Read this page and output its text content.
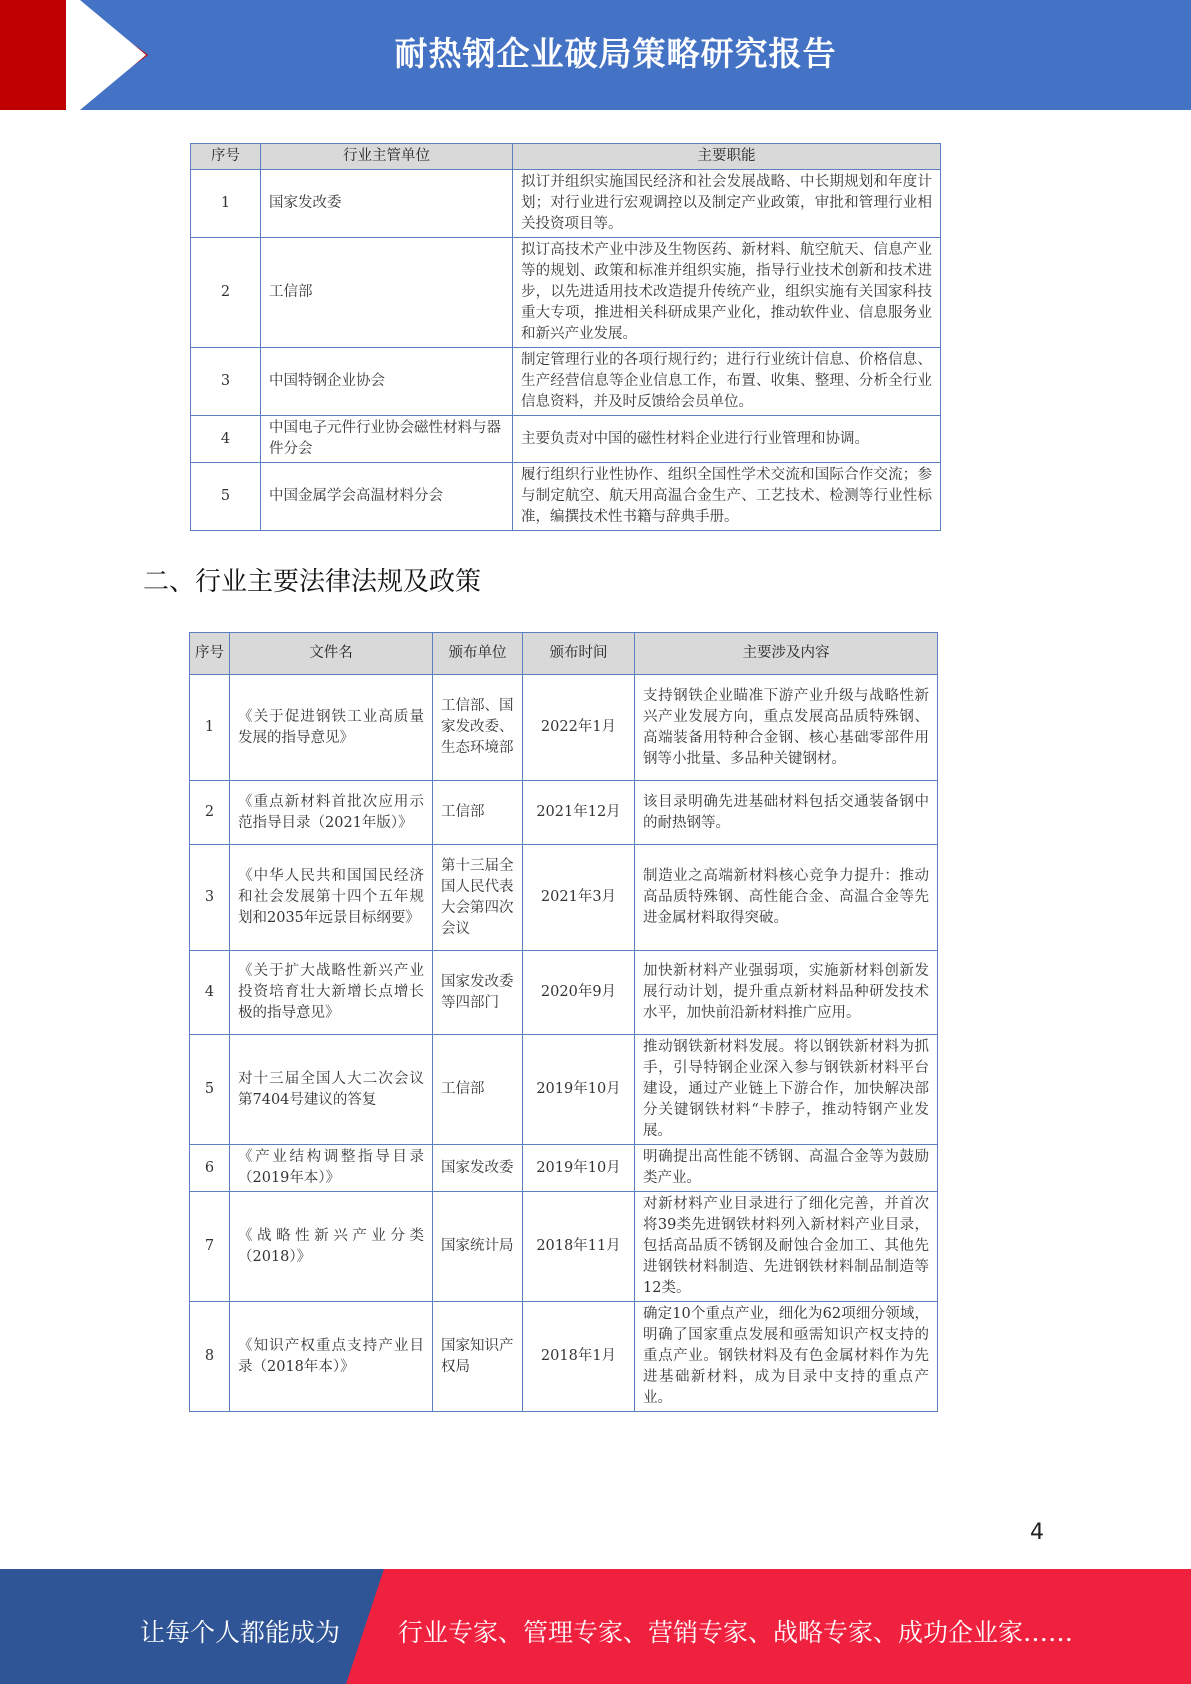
耐热钢企业破局策略研究报告
序号	行业主管单位	主要职能
1	国家发改委	拟订并组织实施国民经济和社会发展战略、中长期规划和年度计划；对行业进行宏观调控以及制定产业政策，审批和管理行业相关投资项目等。
2	工信部	拟订高技术产业中涉及生物医药、新材料、航空航天、信息产业等的规划、政策和标准并组织实施，指导行业技术创新和技术进步，以先进适用技术改造提升传统产业，组织实施有关国家科技重大专项，推进相关科研成果产业化，推动软件业、信息服务业和新兴产业发展。
3	中国特钢企业协会	制定管理行业的各项行规行约；进行行业统计信息、价格信息、生产经营信息等企业信息工作，布置、收集、整理、分析全行业信息资料，并及时反馈给会员单位。
4	中国电子元件行业协会磁性材料与器件分会	主要负责对中国的磁性材料企业进行行业管理和协调。
5	中国金属学会高温材料分会	履行组织行业性协作、组织全国性学术交流和国际合作交流；参与制定航空、航天用高温合金生产、工艺技术、检测等行业性标准，编撰技术性书籍与辞典手册。
二、行业主要法律法规及政策
序号	文件名	颁布单位	颁布时间	主要涉及内容
1	《关于促进钢铁工业高质量发展的指导意见》	工信部、国家发改委、生态环境部	2022年1月	支持钢铁企业瞄准下游产业升级与战略性新兴产业发展方向，重点发展高品质特殊钢、高端装备用特种合金钢、核心基础零部件用钢等小批量、多品种关键钢材。
2	《重点新材料首批次应用示范指导目录（2021年版）》	工信部	2021年12月	该目录明确先进基础材料包括交通装备钢中的耐热钢等。
3	《中华人民共和国国民经济和社会发展第十四个五年规划和2035年远景目标纲要》	第十三届全国人民代表大会第四次会议	2021年3月	制造业之高端新材料核心竞争力提升：推动高品质特殊钢、高性能合金、高温合金等先进金属材料取得突破。
4	《关于扩大战略性新兴产业投资培育壮大新增长点增长极的指导意见》	国家发改委等四部门	2020年9月	加快新材料产业强弱项，实施新材料创新发展行动计划，提升重点新材料品种研发技术水平，加快前沿新材料推广应用。
5	对十三届全国人大二次会议第7404号建议的答复	工信部	2019年10月	推动钢铁新材料发展。将以钢铁新材料为抓手，引导特钢企业深入参与钢铁新材料平台建设，通过产业链上下游合作，加快解决部分关键钢铁材料“卡脖子，推动特钢产业发展。
6	《产业结构调整指导目录（2019年本）》	国家发改委	2019年10月	明确提出高性能不锈钢、高温合金等为鼓励类产业。
7	《战略性新兴产业分类（2018）》	国家统计局	2018年11月	对新材料产业目录进行了细化完善，并首次将39类先进钢铁材料列入新材料产业目录，包括高品质不锈钢及耐蚀合金加工、其他先进钢铁材料制造、先进钢铁材料制品制造等12类。
8	《知识产权重点支持产业目录（2018年本）》	国家知识产权局	2018年1月	确定10个重点产业，细化为62项细分领域，明确了国家重点发展和亟需知识产权支持的重点产业。钢铁材料及有色金属材料作为先进基础新材料，成为目录中支持的重点产业。
4
让每个人都能成为 行业专家、管理专家、营销专家、战略专家、成功企业家……
